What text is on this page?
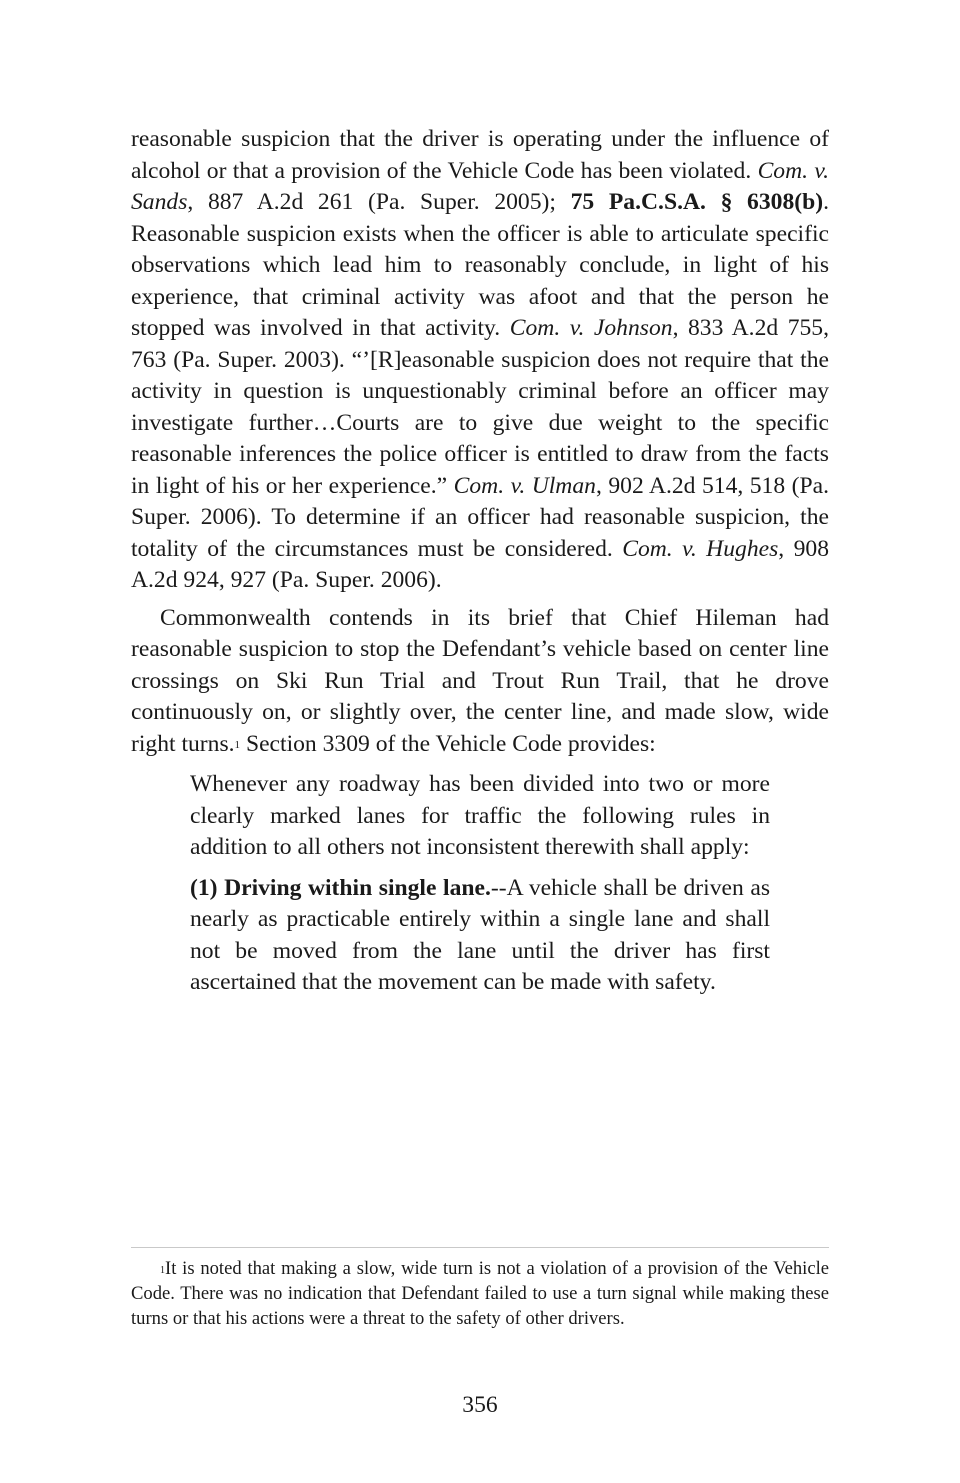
reasonable suspicion that the driver is operating under the influence of alcohol or that a provision of the Vehicle Code has been violated. Com. v. Sands, 887 A.2d 261 (Pa. Super. 2005); 75 Pa.C.S.A. § 6308(b). Reasonable suspicion exists when the officer is able to articulate specific observations which lead him to reasonably conclude, in light of his experience, that criminal activity was afoot and that the person he stopped was involved in that activity. Com. v. Johnson, 833 A.2d 755, 763 (Pa. Super. 2003). “’[R]easonable suspicion does not require that the activity in question is unquestionably criminal before an officer may investigate further…Courts are to give due weight to the specific reasonable inferences the police officer is entitled to draw from the facts in light of his or her experience.” Com. v. Ulman, 902 A.2d 514, 518 (Pa. Super. 2006). To determine if an officer had reasonable suspicion, the totality of the circumstances must be considered. Com. v. Hughes, 908 A.2d 924, 927 (Pa. Super. 2006).

Commonwealth contends in its brief that Chief Hileman had reasonable suspicion to stop the Defendant’s vehicle based on center line crossings on Ski Run Trial and Trout Run Trail, that he drove continuously on, or slightly over, the center line, and made slow, wide right turns.$^1$ Section 3309 of the Vehicle Code provides:

Whenever any roadway has been divided into two or more clearly marked lanes for traffic the following rules in addition to all others not inconsistent therewith shall apply:

(1) Driving within single lane.--A vehicle shall be driven as nearly as practicable entirely within a single lane and shall not be moved from the lane until the driver has first ascertained that the movement can be made with safety.

$^1$It is noted that making a slow, wide turn is not a violation of a provision of the Vehicle Code. There was no indication that Defendant failed to use a turn signal while making these turns or that his actions were a threat to the safety of other drivers.

356
